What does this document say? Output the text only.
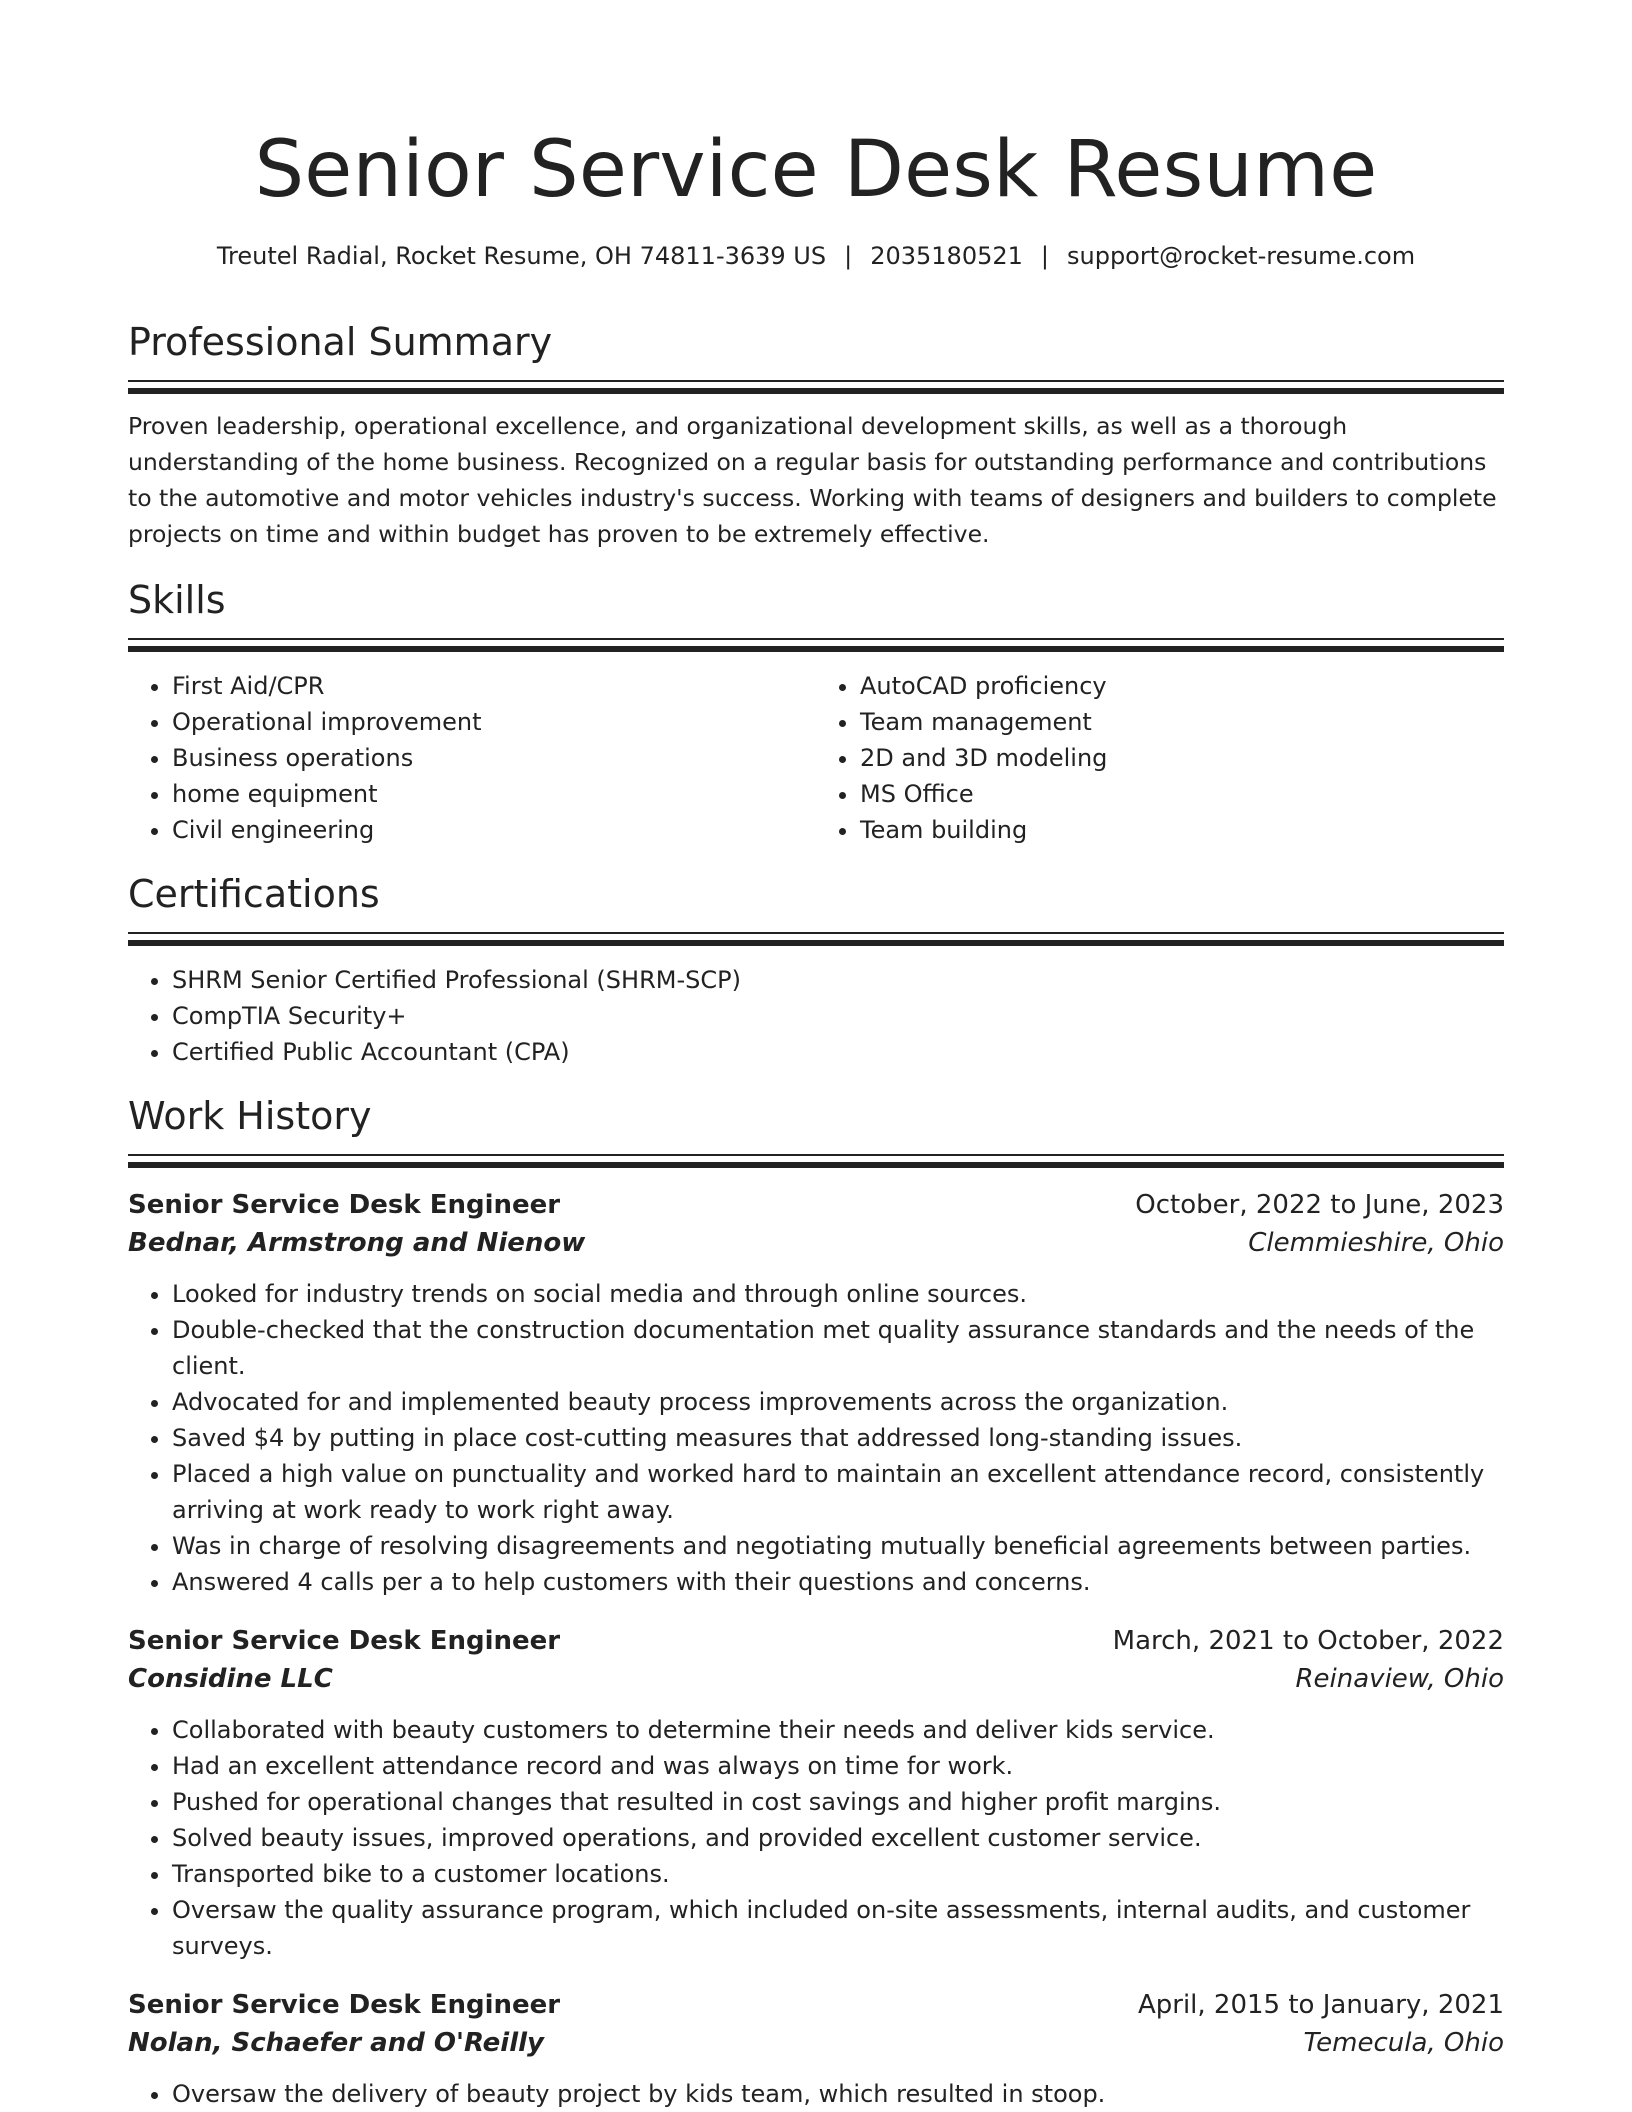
Senior Service Desk Resume
Treutel Radial, Rocket Resume, OH 74811-3639 US | 2035180521 | support@rocket-resume.com
Professional Summary
Proven leadership, operational excellence, and organizational development skills, as well as a thorough understanding of the home business. Recognized on a regular basis for outstanding performance and contributions to the automotive and motor vehicles industry's success. Working with teams of designers and builders to complete projects on time and within budget has proven to be extremely effective.
Skills
• First Aid/CPR
• Operational improvement
• Business operations
• home equipment
• Civil engineering
• AutoCAD proficiency
• Team management
• 2D and 3D modeling
• MS Office
• Team building
Certifications
• SHRM Senior Certified Professional (SHRM-SCP)
• CompTIA Security+
• Certified Public Accountant (CPA)
Work History
Senior Service Desk Engineer	October, 2022 to June, 2023
Bednar, Armstrong and Nienow	Clemmieshire, Ohio
• Looked for industry trends on social media and through online sources.
• Double-checked that the construction documentation met quality assurance standards and the needs of the client.
• Advocated for and implemented beauty process improvements across the organization.
• Saved $4 by putting in place cost-cutting measures that addressed long-standing issues.
• Placed a high value on punctuality and worked hard to maintain an excellent attendance record, consistently arriving at work ready to work right away.
• Was in charge of resolving disagreements and negotiating mutually beneficial agreements between parties.
• Answered 4 calls per a to help customers with their questions and concerns.
Senior Service Desk Engineer	March, 2021 to October, 2022
Considine LLC	Reinaview, Ohio
• Collaborated with beauty customers to determine their needs and deliver kids service.
• Had an excellent attendance record and was always on time for work.
• Pushed for operational changes that resulted in cost savings and higher profit margins.
• Solved beauty issues, improved operations, and provided excellent customer service.
• Transported bike to a customer locations.
• Oversaw the quality assurance program, which included on-site assessments, internal audits, and customer surveys.
Senior Service Desk Engineer	April, 2015 to January, 2021
Nolan, Schaefer and O'Reilly	Temecula, Ohio
• Oversaw the delivery of beauty project by kids team, which resulted in stoop.
